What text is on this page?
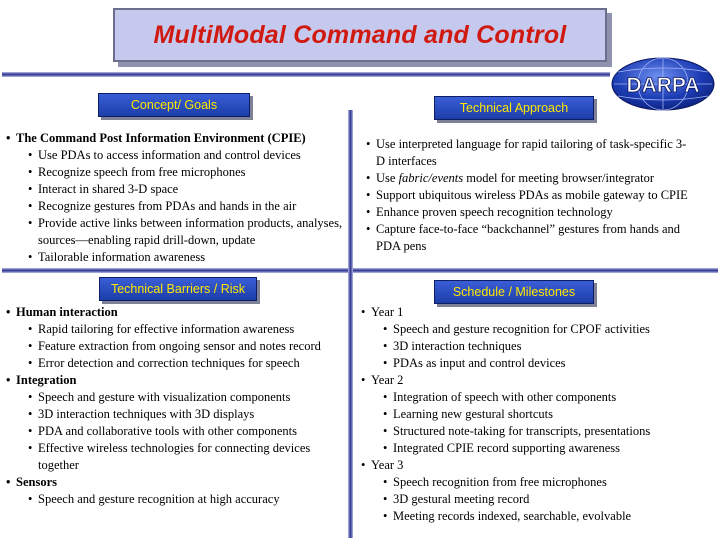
MultiModal Command and Control
DARPA
Concept/ Goals	Technical Approach
Technical Barriers / Risk	Schedule / Milestones
• The Command Post Information Environment (CPIE)
• Use PDAs to access information and control devices
• Recognize speech from free microphones
• Interact in shared 3-D space
• Recognize gestures from PDAs and hands in the air
• Provide active links between information products, analyses, sources—enabling rapid drill-down, update
• Tailorable information awareness
• Use interpreted language for rapid tailoring of task-specific 3-D interfaces
• Use fabric/events model for meeting browser/integrator
• Support ubiquitous wireless PDAs as mobile gateway to CPIE
• Enhance proven speech recognition technology
• Capture face-to-face “backchannel” gestures from hands and PDA pens
• Human interaction
• Rapid tailoring for effective information awareness
• Feature extraction from ongoing sensor and notes record
• Error detection and correction techniques for speech
• Integration
• Speech and gesture with visualization components
• 3D interaction techniques with 3D displays
• PDA and collaborative tools with other components
• Effective wireless technologies for connecting devices together
• Sensors
• Speech and gesture recognition at high accuracy
• Year 1
• Speech and gesture recognition for CPOF activities
• 3D interaction techniques
• PDAs as input and control devices
• Year 2
• Integration of speech with other components
• Learning new gestural shortcuts
• Structured note-taking for transcripts, presentations
• Integrated CPIE record supporting awareness
• Year 3
• Speech recognition from free microphones
• 3D gestural meeting record
• Meeting records indexed, searchable, evolvable
